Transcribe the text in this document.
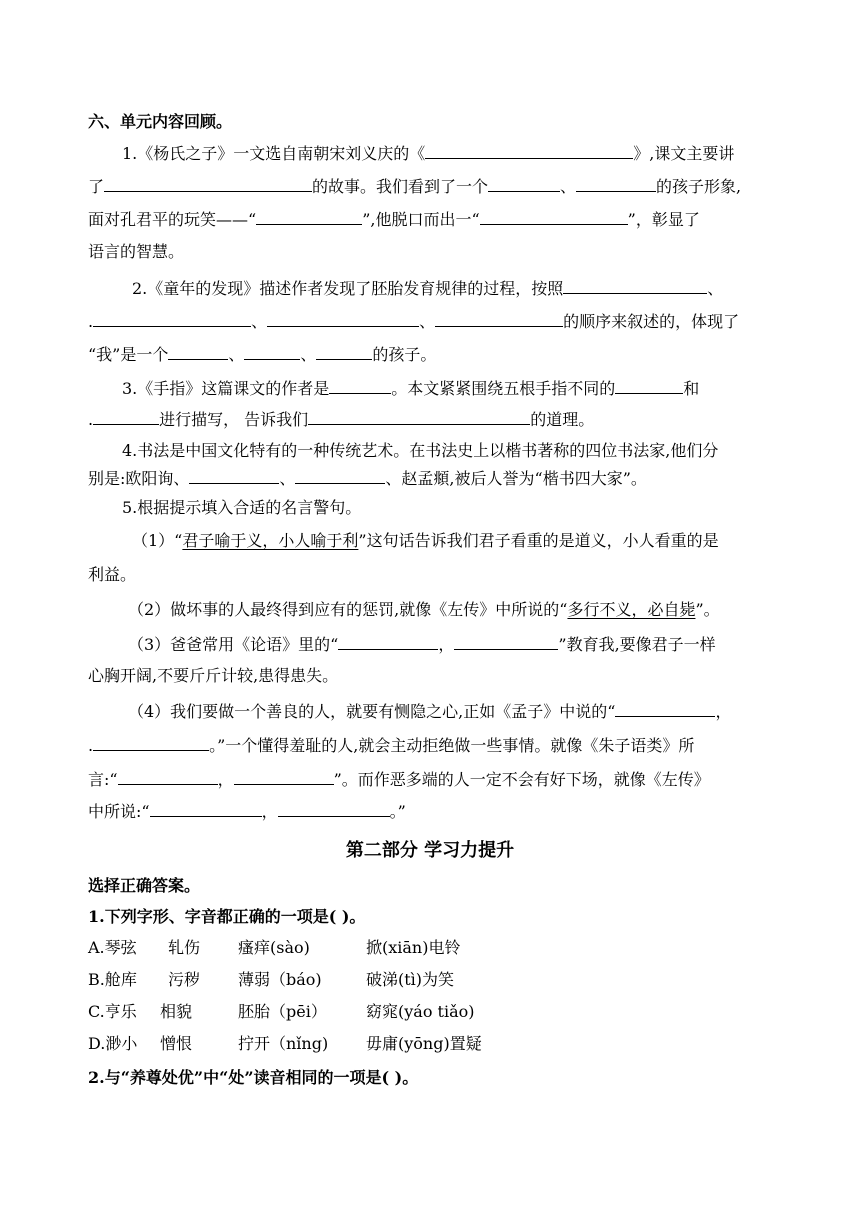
六、单元内容回顾。
1.《杨氏之子》一文选自南朝宋刘义庆的《	》,课文主要讲
了	的故事。我们看到了一个	、	的孩子形象,
面对孔君平的玩笑——“	”,他脱口而出一“	”，彰显了
语言的智慧。
2.《童年的发现》描述作者发现了胚胎发育规律的过程，按照	、
.	、	、	的顺序来叙述的，体现了
“我”是一个	、	、	的孩子。
3.《手指》这篇课文的作者是	。本文紧紧围绕五根手指不同的	和
.	进行描写， 告诉我们	的道理。
4.书法是中国文化特有的一种传统艺术。在书法史上以楷书著称的四位书法家,他们分
别是:欧阳询、	、	、赵孟頫,被后人誉为“楷书四大家”。
5.根据提示填入合适的名言警句。
（1）“君子喻于义，小人喻于利”这句话告诉我们君子看重的是道义，小人看重的是
利益。
（2）做坏事的人最终得到应有的惩罚,就像《左传》中所说的“多行不义，必自毙”。
（3）爸爸常用《论语》里的“	，	”教育我,要像君子一样
心胸开阔,不要斤斤计较,患得患失。
（4）我们要做一个善良的人，就要有恻隐之心,正如《孟子》中说的“	，
.	。”一个懂得羞耻的人,就会主动拒绝做一些事情。就像《朱子语类》所
言:“	，	”。而作恶多端的人一定不会有好下场，就像《左传》
中所说:“	，	。”
第二部分 学习力提升
选择正确答案。
1.下列字形、字音都正确的一项是( )。
A.琴弦 轧伤 瘙痒(sào)	掀(xiān)电铃
B.舱库 污秽 薄弱（báo)	破涕(tì)为笑
C.亨乐 相貌	胚胎（pēi） 窈窕(yáo tiǎo)
D.渺小 憎恨	拧开（nǐng) 毋庸(yōng)置疑
2.与“养尊处优”中“处”读音相同的一项是( )。
